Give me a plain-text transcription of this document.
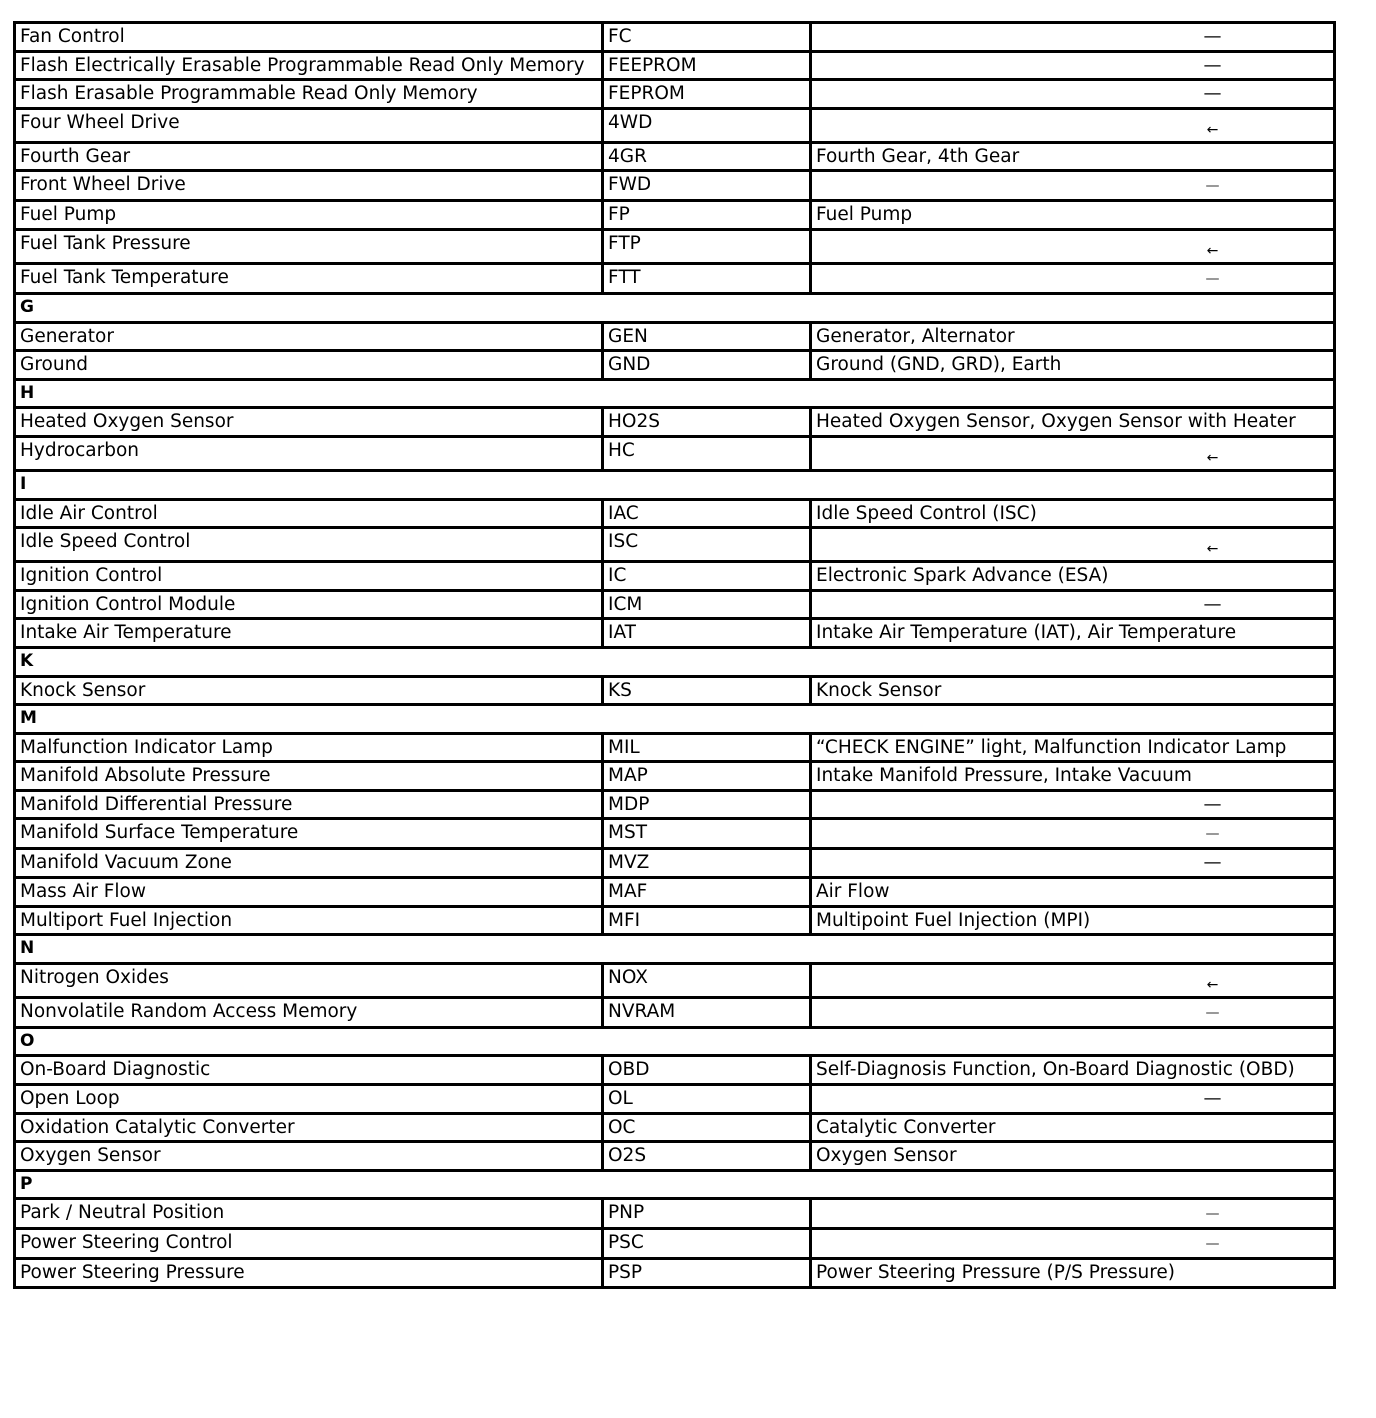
Fan Control	FC	—
Flash Electrically Erasable Programmable Read Only Memory	FEEPROM	—
Flash Erasable Programmable Read Only Memory	FEPROM	—
Four Wheel Drive	4WD	←
Fourth Gear	4GR	Fourth Gear, 4th Gear
Front Wheel Drive	FWD	—
Fuel Pump	FP	Fuel Pump
Fuel Tank Pressure	FTP	←
Fuel Tank Temperature	FTT	—
G		
Generator	GEN	Generator, Alternator
Ground	GND	Ground (GND, GRD), Earth
H		
Heated Oxygen Sensor	HO2S	Heated Oxygen Sensor, Oxygen Sensor with Heater
Hydrocarbon	HC	←
I		
Idle Air Control	IAC	Idle Speed Control (ISC)
Idle Speed Control	ISC	←
Ignition Control	IC	Electronic Spark Advance (ESA)
Ignition Control Module	ICM	—
Intake Air Temperature	IAT	Intake Air Temperature (IAT), Air Temperature
K		
Knock Sensor	KS	Knock Sensor
M		
Malfunction Indicator Lamp	MIL	“CHECK ENGINE” light, Malfunction Indicator Lamp
Manifold Absolute Pressure	MAP	Intake Manifold Pressure, Intake Vacuum
Manifold Differential Pressure	MDP	—
Manifold Surface Temperature	MST	—
Manifold Vacuum Zone	MVZ	—
Mass Air Flow	MAF	Air Flow
Multiport Fuel Injection	MFI	Multipoint Fuel Injection (MPI)
N		
Nitrogen Oxides	NOX	←
Nonvolatile Random Access Memory	NVRAM	—
O		
On-Board Diagnostic	OBD	Self-Diagnosis Function, On-Board Diagnostic (OBD)
Open Loop	OL	—
Oxidation Catalytic Converter	OC	Catalytic Converter
Oxygen Sensor	O2S	Oxygen Sensor
P		
Park / Neutral Position	PNP	—
Power Steering Control	PSC	—
Power Steering Pressure	PSP	Power Steering Pressure (P/S Pressure)
